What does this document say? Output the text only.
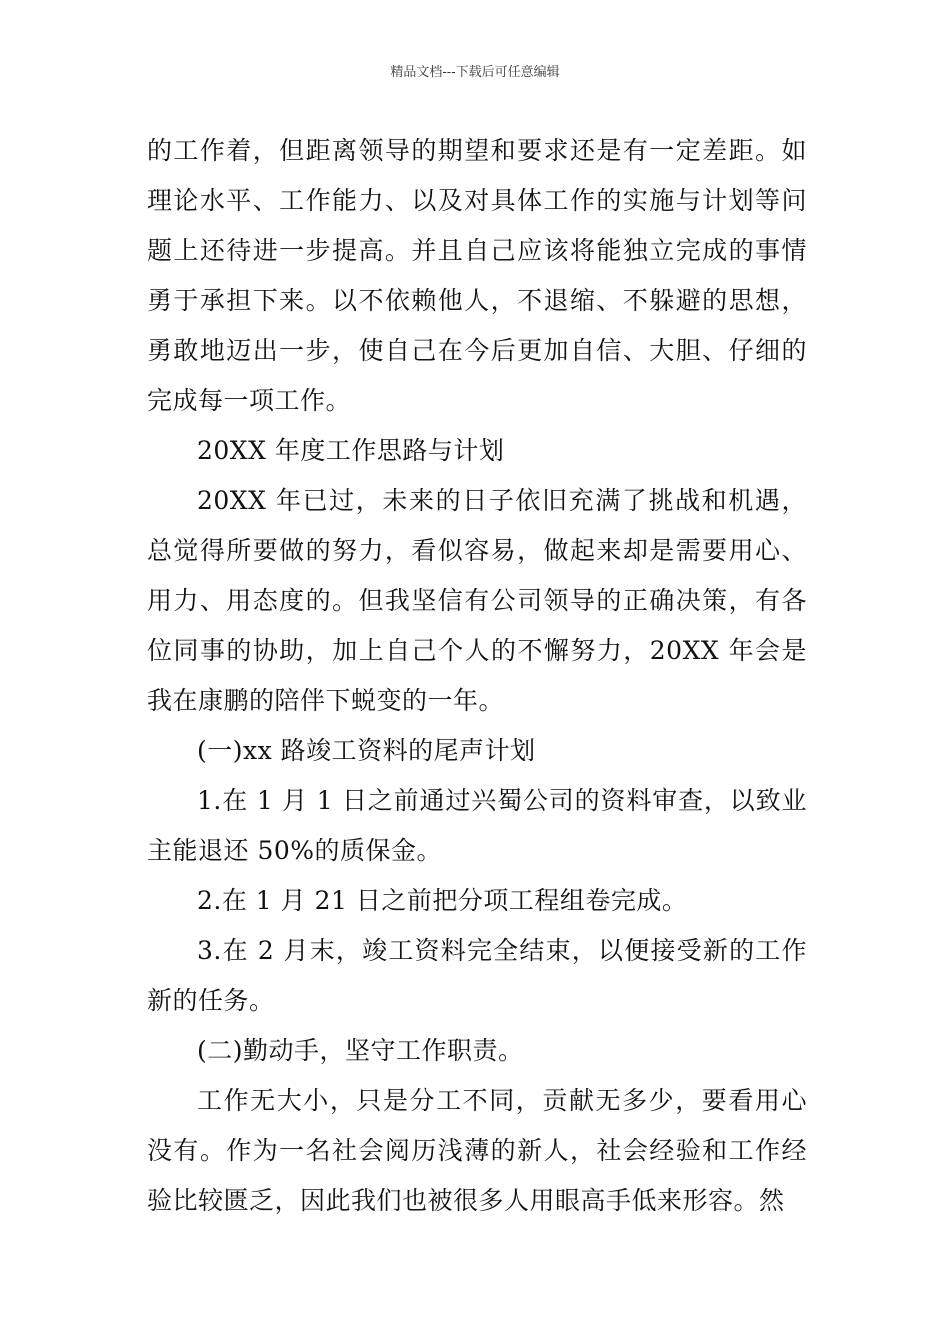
精品文档---下载后可任意编辑

的工作着，但距离领导的期望和要求还是有一定差距。如理论水平、工作能力、以及对具体工作的实施与计划等问题上还待进一步提高。并且自己应该将能独立完成的事情勇于承担下来。以不依赖他人，不退缩、不躲避的思想，勇敢地迈出一步，使自己在今后更加自信、大胆、仔细的完成每一项工作。

20XX 年度工作思路与计划

20XX 年已过，未来的日子依旧充满了挑战和机遇，总觉得所要做的努力，看似容易，做起来却是需要用心、用力、用态度的。但我坚信有公司领导的正确决策，有各位同事的协助，加上自己个人的不懈努力，20XX 年会是我在康鹏的陪伴下蜕变的一年。

(一)xx 路竣工资料的尾声计划

1.在 1 月 1 日之前通过兴蜀公司的资料审查，以致业主能退还 50%的质保金。

2.在 1 月 21 日之前把分项工程组卷完成。

3.在 2 月末，竣工资料完全结束，以便接受新的工作新的任务。

(二)勤动手，坚守工作职责。

工作无大小，只是分工不同，贡献无多少，要看用心没有。作为一名社会阅历浅薄的新人，社会经验和工作经验比较匮乏，因此我们也被很多人用眼高手低来形容。然
